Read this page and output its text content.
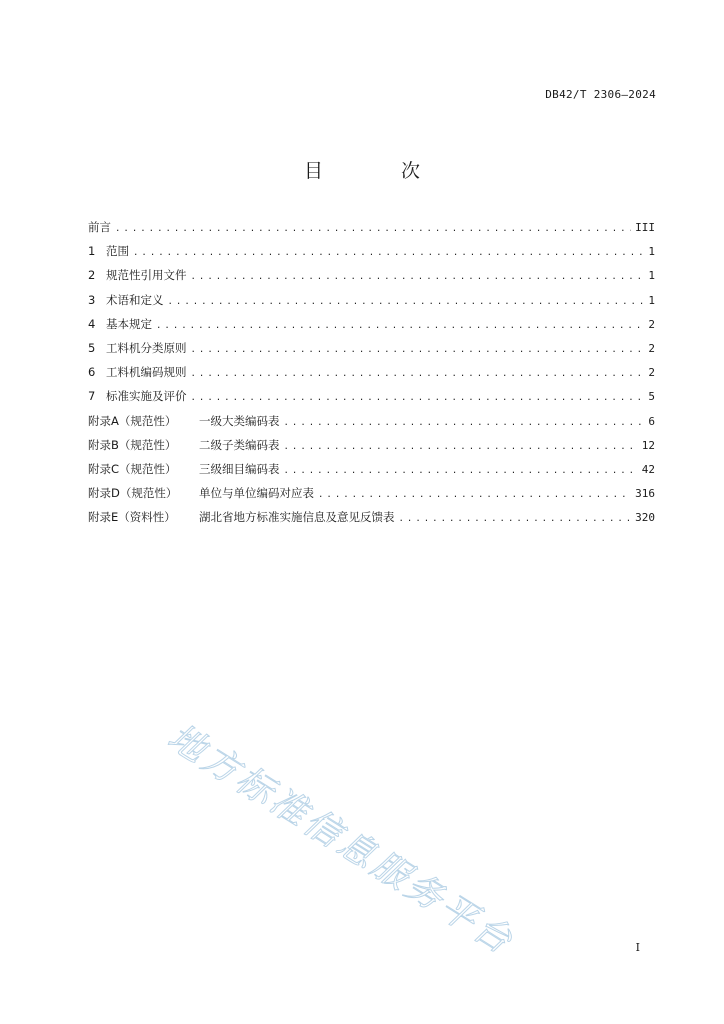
DB42/T 2306—2024
目 次
前言 .....	III
1 范围 .....	1
2 规范性引用文件 .....	1
3 术语和定义 .....	1
4 基本规定 .....	2
5 工料机分类原则 .....	2
6 工料机编码规则 .....	2
7 标准实施及评价 .....	5
附录A（规范性）	一级大类编码表 .....	6
附录B（规范性）	二级子类编码表 .....	12
附录C（规范性）	三级细目编码表 .....	42
附录D（规范性）	单位与单位编码对应表 .....	316
附录E（资料性）	湖北省地方标准实施信息及意见反馈表 .....	320
地方标准信息服务平台	I
